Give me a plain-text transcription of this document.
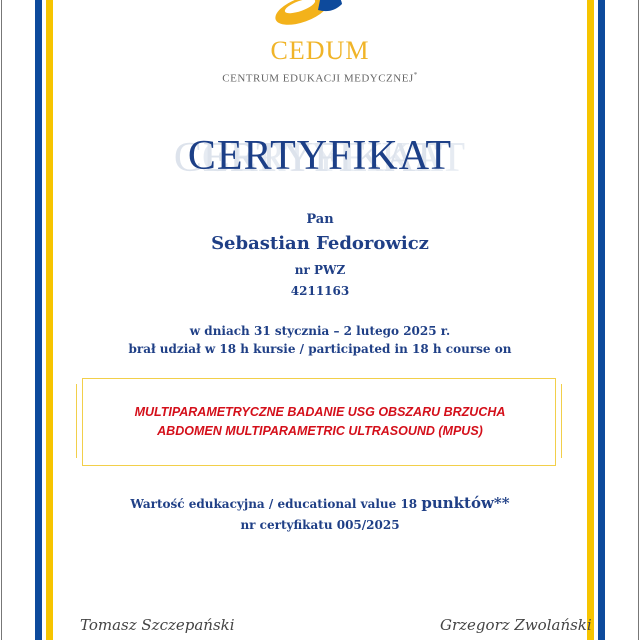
CEDUM
CENTRUM EDUKACJI MEDYCZNEJ*
CERTYFIKAT
Pan
Sebastian Fedorowicz
nr PWZ
4211163
w dniach 31 stycznia – 2 lutego 2025 r.
brał udział w 18 h kursie / participated in 18 h course on
MULTIPARAMETRYCZNE BADANIE USG OBSZARU BRZUCHA
ABDOMEN MULTIPARAMETRIC ULTRASOUND (MPUS)
Wartość edukacyjna / educational value 18 punktów**
nr certyfikatu 005/2025
Tomasz Szczepański	Grzegorz Zwolański
